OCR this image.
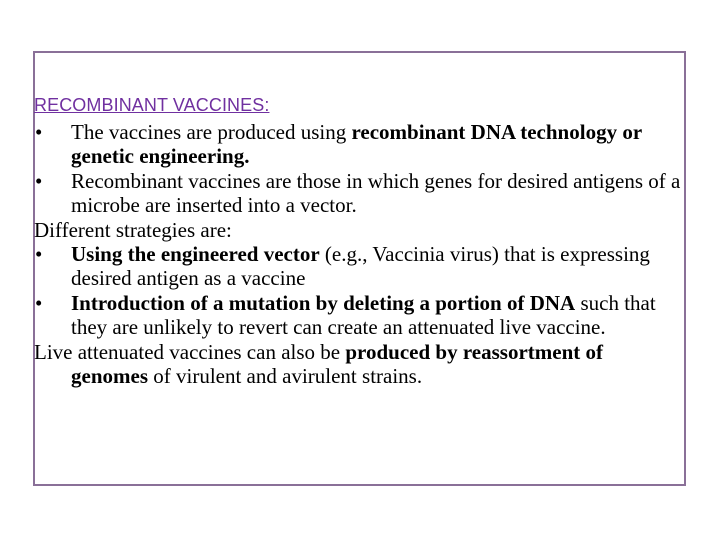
RECOMBINANT VACCINES:
• The vaccines are produced using recombinant DNA technology or genetic engineering.
• Recombinant vaccines are those in which genes for desired antigens of a microbe are inserted into a vector.
Different strategies are:
• Using the engineered vector (e.g., Vaccinia virus) that is expressing desired antigen as a vaccine
• Introduction of a mutation by deleting a portion of DNA such that they are unlikely to revert can create an attenuated live vaccine.
Live attenuated vaccines can also be produced by reassortment of genomes of virulent and avirulent strains.
